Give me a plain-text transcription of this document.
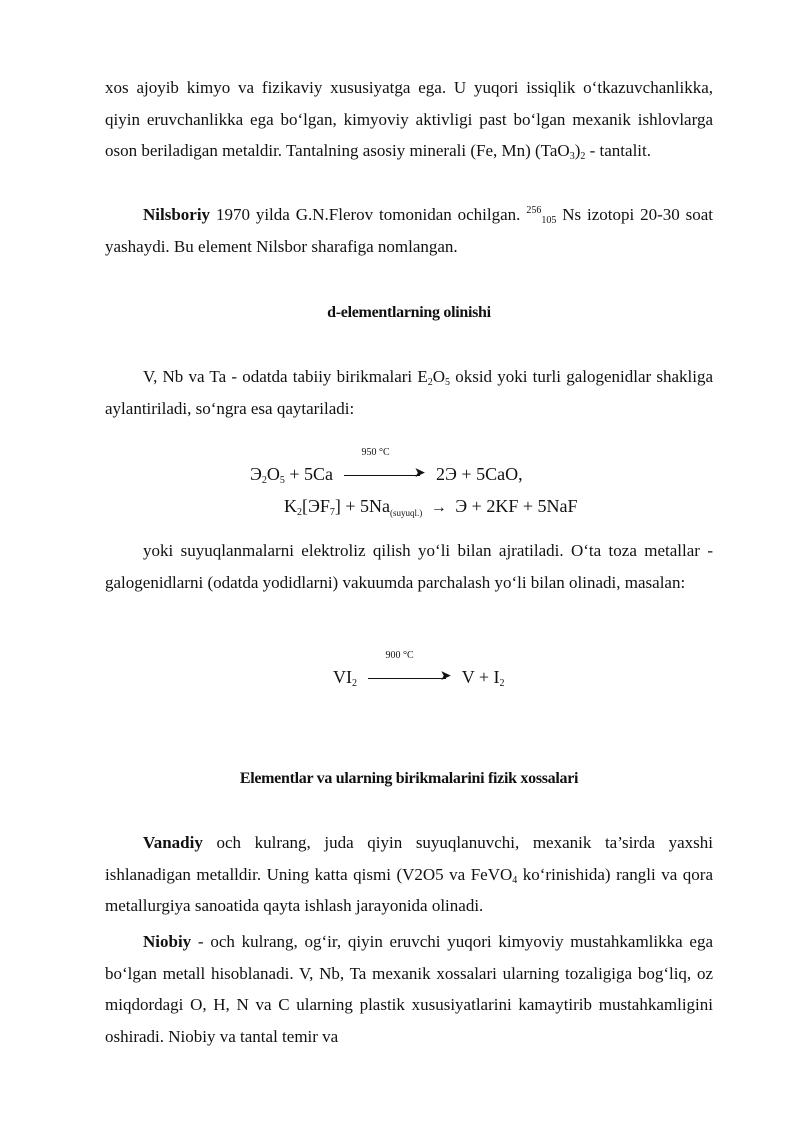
xos ajoyib kimyo va fizikaviy xususiyatga ega. U yuqori issiqlik o‘tkazuvchanlikka, qiyin eruvchanlikka ega bo‘lgan, kimyoviy aktivligi past bo‘lgan mexanik ishlovlarga oson beriladigan metaldir. Tantalning asosiy minerali (Fe, Mn) $(TaO_3)_2$ - tantalit.

Nilsboriy 1970 yilda G.N.Flerov tomonidan ochilgan. $^{256}_{105}$ Ns izotopi 20-30 soat yashaydi. Bu element Nilsbor sharafiga nomlangan.

d-elementlarning olinishi

V, Nb va Ta - odatda tabiiy birikmalari $E_2O_5$ oksid yoki turli galogenidlar shakliga aylantiriladi, so‘ngra esa qaytariladi:

$Э_2O_5 + 5Ca$
950 °C
➤ 2Э + 5CaO,
$K_2[ЭF_7] + 5Na_{(suyuql.)} \to Э + 2KF + 5NaF$

yoki suyuqlanmalarni elektroliz qilish yo‘li bilan ajratiladi. O‘ta toza metallar -galogenidlarni (odatda yodidlarni) vakuumda parchalash yo‘li bilan olinadi, masalan:

$VI_2$
900 °C
➤ $V + I_2$

Elementlar va ularning birikmalarini fizik xossalari

Vanadiy och kulrang, juda qiyin suyuqlanuvchi, mexanik ta’sirda yaxshi ishlanadigan metalldir. Uning katta qismi (V2O5 va FeVO$_4$ ko‘rinishida) rangli va qora metallurgiya sanoatida qayta ishlash jarayonida olinadi.

Niobiy - och kulrang, og‘ir, qiyin eruvchi yuqori kimyoviy mustahkamlikka ega bo‘lgan metall hisoblanadi. V, Nb, Ta mexanik xossalari ularning tozaligiga bog‘liq, oz miqdordagi O, H, N va C ularning plastik xususiyatlarini kamaytirib mustahkamligini oshiradi. Niobiy va tantal temir va
